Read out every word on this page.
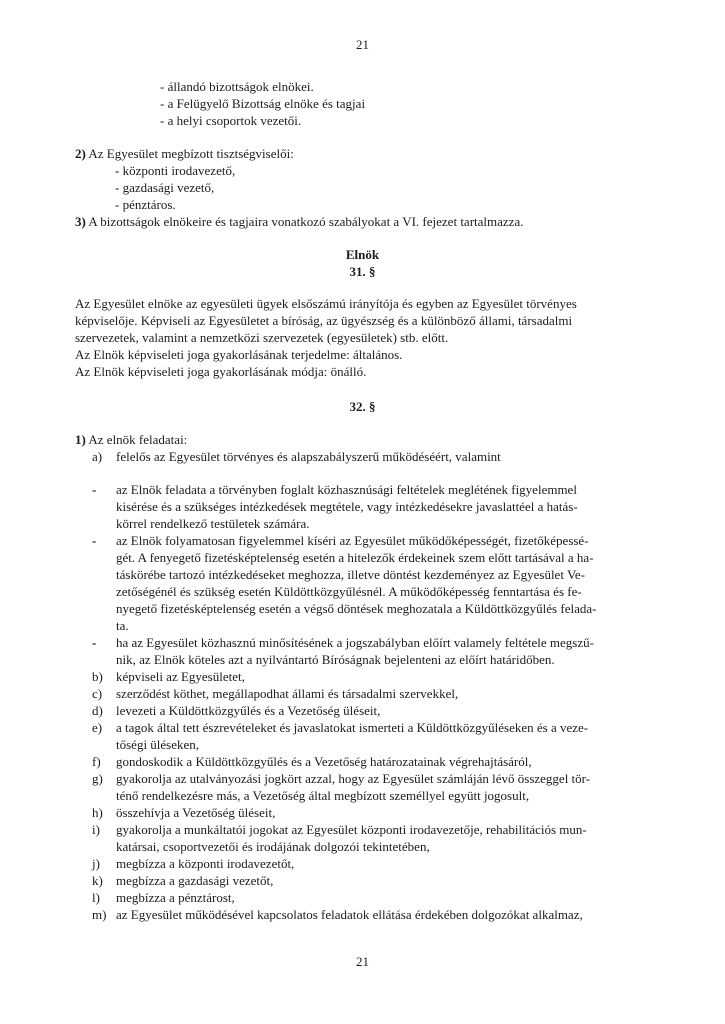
21
- állandó bizottságok elnökei.
- a Felügyelő Bizottság elnöke és tagjai
- a helyi csoportok vezetői.
2) Az Egyesület megbízott tisztségviselői:
- központi irodavezető,
- gazdasági vezető,
- pénztáros.
3) A bizottságok elnökeire és tagjaira vonatkozó szabályokat a VI. fejezet tartalmazza.
Elnök
31. §
Az Egyesület elnöke az egyesületi ügyek elsőszámú irányítója és egyben az Egyesület törvényes
képviselője. Képviseli az Egyesületet a bíróság, az ügyészség és a különböző állami, társadalmi
szervezetek, valamint a nemzetközi szervezetek (egyesületek) stb. előtt.
Az Elnök képviseleti joga gyakorlásának terjedelme: általános.
Az Elnök képviseleti joga gyakorlásának módja: önálló.
32. §
1) Az elnök feladatai:
a) felelős az Egyesület törvényes és alapszabályszerű működéséért, valamint
- az Elnök feladata a törvényben foglalt közhasznúsági feltételek meglétének figyelemmel
kisérése és a szükséges intézkedések megtétele, vagy intézkedésekre javaslattéel a hatás-
körrel rendelkező testületek számára.
- az Elnök folyamatosan figyelemmel kíséri az Egyesület működőképességét, fizetőképessé-
gét. A fenyegető fizetésképtelenség esetén a hitelezők érdekeinek szem előtt tartásával a ha-
táskörébe tartozó intézkedéseket meghozza, illetve döntést kezdeményez az Egyesület Ve-
zetőségénél és szükség esetén Küldöttközgyűlésnél. A működőképesség fenntartása és fe-
nyegető fizetésképtelenség esetén a végső döntések meghozatala a Küldöttközgyűlés felada-
ta.
- ha az Egyesület közhasznú minősítésének a jogszabályban előírt valamely feltétele megszű-
nik, az Elnök köteles azt a nyilvántartó Bíróságnak bejelenteni az előírt határidőben.
b) képviseli az Egyesületet,
c) szerződést köthet, megállapodhat állami és társadalmi szervekkel,
d) levezeti a Küldöttközgyűlés és a Vezetőség üléseit,
e) a tagok által tett észrevételeket és javaslatokat ismerteti a Küldöttközgyűléseken és a veze-
tőségi üléseken,
f) gondoskodik a Küldöttközgyűlés és a Vezetőség határozatainak végrehajtásáról,
g) gyakorolja az utalványozási jogkört azzal, hogy az Egyesület számláján lévő összeggel tör-
ténő rendelkezésre más, a Vezetőség által megbízott személlyel együtt jogosult,
h) összehívja a Vezetőség üléseit,
i) gyakorolja a munkáltatói jogokat az Egyesület központi irodavezetője, rehabilitációs mun-
katársai, csoportvezetői és irodájának dolgozói tekintetében,
j) megbízza a központi irodavezetőt,
k) megbízza a gazdasági vezetőt,
l) megbízza a pénztárost,
m) az Egyesület működésével kapcsolatos feladatok ellátása érdekében dolgozókat alkalmaz,
21
